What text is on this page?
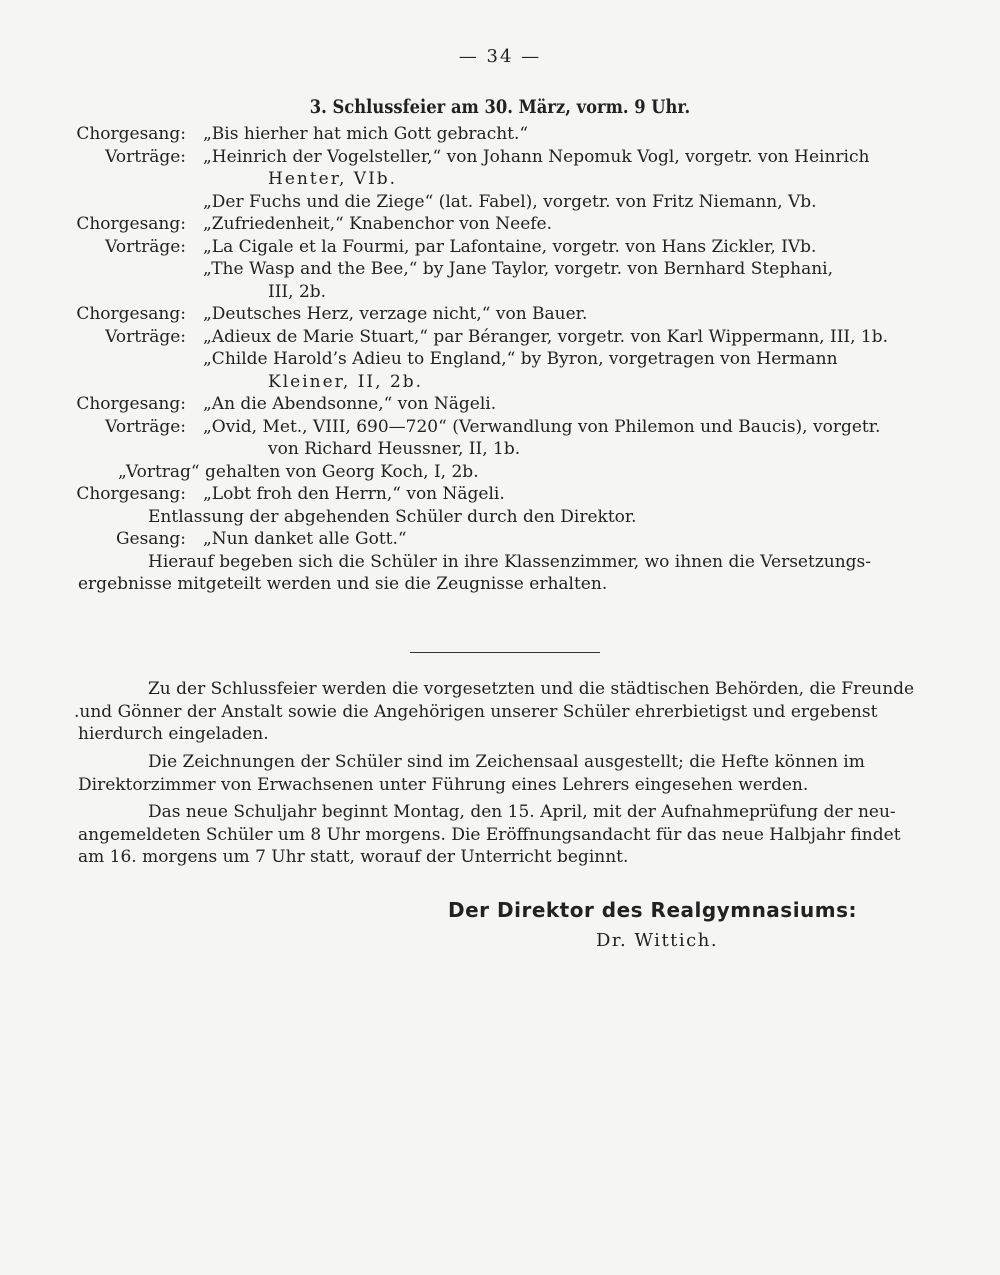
— 34 —
3. Schlussfeier am 30. März, vorm. 9 Uhr.
Chorgesang: „Bis hierher hat mich Gott gebracht.“
Vorträge: „Heinrich der Vogelsteller,“ von Johann Nepomuk Vogl, vorgetr. von Heinrich
Henter, VIb.
„Der Fuchs und die Ziege“ (lat. Fabel), vorgetr. von Fritz Niemann, Vb.
Chorgesang: „Zufriedenheit,“ Knabenchor von Neefe.
Vorträge: „La Cigale et la Fourmi, par Lafontaine, vorgetr. von Hans Zickler, IVb.
„The Wasp and the Bee,“ by Jane Taylor, vorgetr. von Bernhard Stephani,
III, 2b.
Chorgesang: „Deutsches Herz, verzage nicht,“ von Bauer.
Vorträge: „Adieux de Marie Stuart,“ par Béranger, vorgetr. von Karl Wippermann, III, 1b.
„Childe Harold’s Adieu to England,“ by Byron, vorgetragen von Hermann
Kleiner, II, 2b.
Chorgesang: „An die Abendsonne,“ von Nägeli.
Vorträge: „Ovid, Met., VIII, 690—720“ (Verwandlung von Philemon und Baucis), vorgetr.
von Richard Heussner, II, 1b.
„Vortrag“ gehalten von Georg Koch, I, 2b.
Chorgesang: „Lobt froh den Herrn,“ von Nägeli.
Entlassung der abgehenden Schüler durch den Direktor.
Gesang: „Nun danket alle Gott.“
Hierauf begeben sich die Schüler in ihre Klassenzimmer, wo ihnen die Versetzungs-
ergebnisse mitgeteilt werden und sie die Zeugnisse erhalten.

Zu der Schlussfeier werden die vorgesetzten und die städtischen Behörden, die Freunde

.und Gönner der Anstalt sowie die Angehörigen unserer Schüler ehrerbietigst und ergebenst

hierdurch eingeladen.

Die Zeichnungen der Schüler sind im Zeichensaal ausgestellt; die Hefte können im

Direktorzimmer von Erwachsenen unter Führung eines Lehrers eingesehen werden.

Das neue Schuljahr beginnt Montag, den 15. April, mit der Aufnahmeprüfung der neu-

angemeldeten Schüler um 8 Uhr morgens. Die Eröffnungsandacht für das neue Halbjahr findet

am 16. morgens um 7 Uhr statt, worauf der Unterricht beginnt.

Der Direktor des Realgymnasiums:
Dr. Wittich.
